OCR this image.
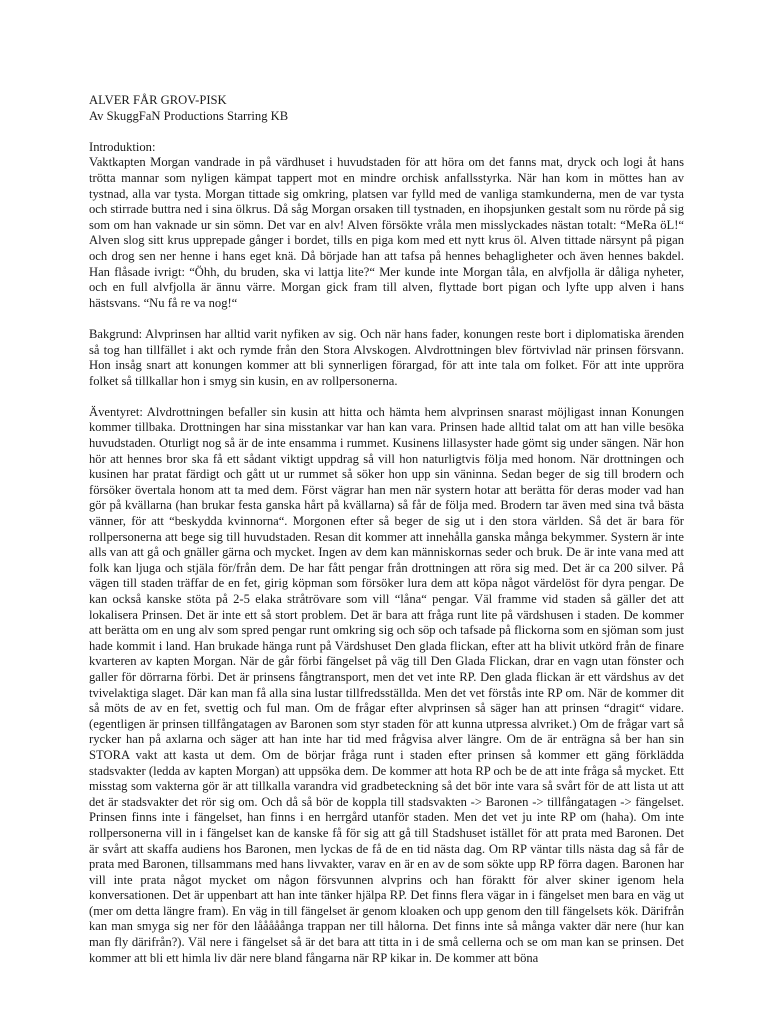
ALVER FÅR GROV-PISK

Av SkuggFaN Productions Starring KB

Introduktion:

Vaktkapten Morgan vandrade in på värdhuset i huvudstaden för att höra om det fanns mat, dryck och logi åt hans trötta mannar som nyligen kämpat tappert mot en mindre orchisk anfallsstyrka. När han kom in möttes han av tystnad, alla var tysta. Morgan tittade sig omkring, platsen var fylld med de vanliga stamkunderna, men de var tysta och stirrade buttra ned i sina ölkrus. Då såg Morgan orsaken till tystnaden, en ihopsjunken gestalt som nu rörde på sig som om han vaknade ur sin sömn. Det var en alv! Alven försökte vråla men misslyckades nästan totalt: “MeRa öL!“ Alven slog sitt krus upprepade gånger i bordet, tills en piga kom med ett nytt krus öl. Alven tittade närsynt på pigan och drog sen ner henne i hans eget knä. Då började han att tafsa på hennes behagligheter och även hennes bakdel. Han flåsade ivrigt: “Öhh, du bruden, ska vi lattja lite?“ Mer kunde inte Morgan tåla, en alvfjolla är dåliga nyheter, och en full alvfjolla är ännu värre. Morgan gick fram till alven, flyttade bort pigan och lyfte upp alven i hans hästsvans. “Nu få re va nog!“

Bakgrund: Alvprinsen har alltid varit nyfiken av sig. Och när hans fader, konungen reste bort i diplomatiska ärenden så tog han tillfället i akt och rymde från den Stora Alvskogen. Alvdrottningen blev förtvivlad när prinsen försvann. Hon insåg snart att konungen kommer att bli synnerligen förargad, för att inte tala om folket. För att inte uppröra folket så tillkallar hon i smyg sin kusin, en av rollpersonerna.

Äventyret: Alvdrottningen befaller sin kusin att hitta och hämta hem alvprinsen snarast möjligast innan Konungen kommer tillbaka. Drottningen har sina misstankar var han kan vara. Prinsen hade alltid talat om att han ville besöka huvudstaden. Oturligt nog så är de inte ensamma i rummet. Kusinens lillasyster hade gömt sig under sängen. När hon hör att hennes bror ska få ett sådant viktigt uppdrag så vill hon naturligtvis följa med honom. När drottningen och kusinen har pratat färdigt och gått ut ur rummet så söker hon upp sin väninna. Sedan beger de sig till brodern och försöker övertala honom att ta med dem. Först vägrar han men när systern hotar att berätta för deras moder vad han gör på kvällarna (han brukar festa ganska hårt på kvällarna) så får de följa med. Brodern tar även med sina två bästa vänner, för att “beskydda kvinnorna“. Morgonen efter så beger de sig ut i den stora världen. Så det är bara för rollpersonerna att bege sig till huvudstaden. Resan dit kommer att innehålla ganska många bekymmer. Systern är inte alls van att gå och gnäller gärna och mycket. Ingen av dem kan människornas seder och bruk. De är inte vana med att folk kan ljuga och stjäla för/från dem. De har fått pengar från drottningen att röra sig med. Det är ca 200 silver. På vägen till staden träffar de en fet, girig köpman som försöker lura dem att köpa något värdelöst för dyra pengar. De kan också kanske stöta på 2-5 elaka stråtrövare som vill “låna“ pengar. Väl framme vid staden så gäller det att lokalisera Prinsen. Det är inte ett så stort problem. Det är bara att fråga runt lite på värdshusen i staden. De kommer att berätta om en ung alv som spred pengar runt omkring sig och söp och tafsade på flickorna som en sjöman som just hade kommit i land. Han brukade hänga runt på Värdshuset Den glada flickan, efter att ha blivit utkörd från de finare kvarteren av kapten Morgan. När de går förbi fängelset på väg till Den Glada Flickan, drar en vagn utan fönster och galler för dörrarna förbi. Det är prinsens fångtransport, men det vet inte RP. Den glada flickan är ett värdshus av det tvivelaktiga slaget. Där kan man få alla sina lustar tillfredsställda. Men det vet förstås inte RP om. När de kommer dit så möts de av en fet, svettig och ful man. Om de frågar efter alvprinsen så säger han att prinsen “dragit“ vidare. (egentligen är prinsen tillfångatagen av Baronen som styr staden för att kunna utpressa alvriket.) Om de frågar vart så rycker han på axlarna och säger att han inte har tid med frågvisa alver längre. Om de är enträgna så ber han sin STORA vakt att kasta ut dem. Om de börjar fråga runt i staden efter prinsen så kommer ett gäng förklädda stadsvakter (ledda av kapten Morgan) att uppsöka dem. De kommer att hota RP och be de att inte fråga så mycket. Ett misstag som vakterna gör är att tillkalla varandra vid gradbeteckning så det bör inte vara så svårt för de att lista ut att det är stadsvakter det rör sig om. Och då så bör de koppla till stadsvakten -> Baronen -> tillfångatagen -> fängelset. Prinsen finns inte i fängelset, han finns i en herrgård utanför staden. Men det vet ju inte RP om (haha). Om inte rollpersonerna vill in i fängelset kan de kanske få för sig att gå till Stadshuset istället för att prata med Baronen. Det är svårt att skaffa audiens hos Baronen, men lyckas de få de en tid nästa dag. Om RP väntar tills nästa dag så får de prata med Baronen, tillsammans med hans livvakter, varav en är en av de som sökte upp RP förra dagen. Baronen har vill inte prata något mycket om någon försvunnen alvprins och han föraktt för alver skiner igenom hela konversationen. Det är uppenbart att han inte tänker hjälpa RP. Det finns flera vägar in i fängelset men bara en väg ut (mer om detta längre fram). En väg in till fängelset är genom kloaken och upp genom den till fängelsets kök. Därifrån kan man smyga sig ner för den lååååånga trappan ner till hålorna. Det finns inte så många vakter där nere (hur kan man fly därifrån?). Väl nere i fängelset så är det bara att titta in i de små cellerna och se om man kan se prinsen. Det kommer att bli ett himla liv där nere bland fångarna när RP kikar in. De kommer att böna
